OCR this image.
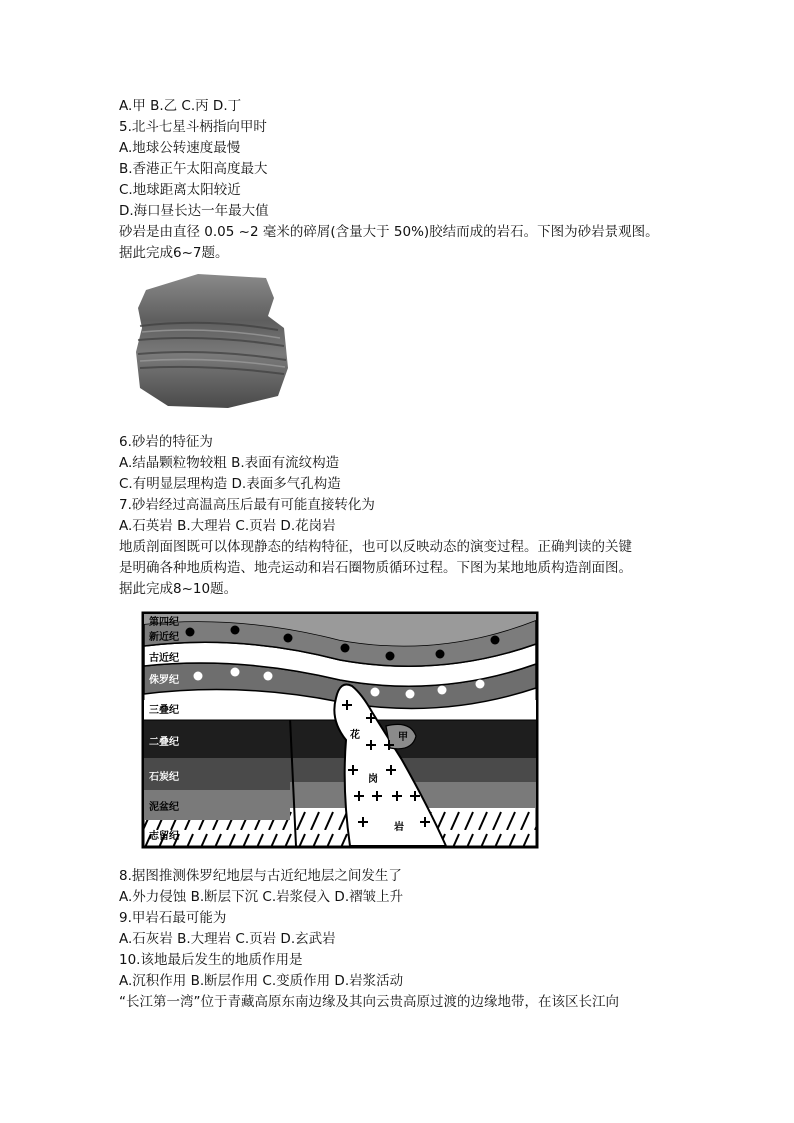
A.甲 B.乙 C.丙 D.丁
5.北斗七星斗柄指向甲时
A.地球公转速度最慢
B.香港正午太阳高度最大
C.地球距离太阳较近
D.海口昼长达一年最大值
砂岩是由直径 0.05 ~2 毫米的碎屑(含量大于 50%)胶结而成的岩石。下图为砂岩景观图。
据此完成6~7题。
6.砂岩的特征为
A.结晶颗粒物较粗 B.表面有流纹构造
C.有明显层理构造 D.表面多气孔构造
7.砂岩经过高温高压后最有可能直接转化为
A.石英岩 B.大理岩 C.页岩 D.花岗岩
地质剖面图既可以体现静态的结构特征，也可以反映动态的演变过程。正确判读的关键
是明确各种地质构造、地壳运动和岩石圈物质循环过程。下图为某地地质构造剖面图。
据此完成8~10题。
甲
花
岗
岩
第四纪
新近纪
古近纪
侏罗纪
三叠纪
二叠纪
石炭纪
泥盆纪
志留纪
8.据图推测侏罗纪地层与古近纪地层之间发生了
A.外力侵蚀 B.断层下沉 C.岩浆侵入 D.褶皱上升
9.甲岩石最可能为
A.石灰岩 B.大理岩 C.页岩 D.玄武岩
10.该地最后发生的地质作用是
A.沉积作用 B.断层作用 C.变质作用 D.岩浆活动
“长江第一湾”位于青藏高原东南边缘及其向云贵高原过渡的边缘地带，在该区长江向
